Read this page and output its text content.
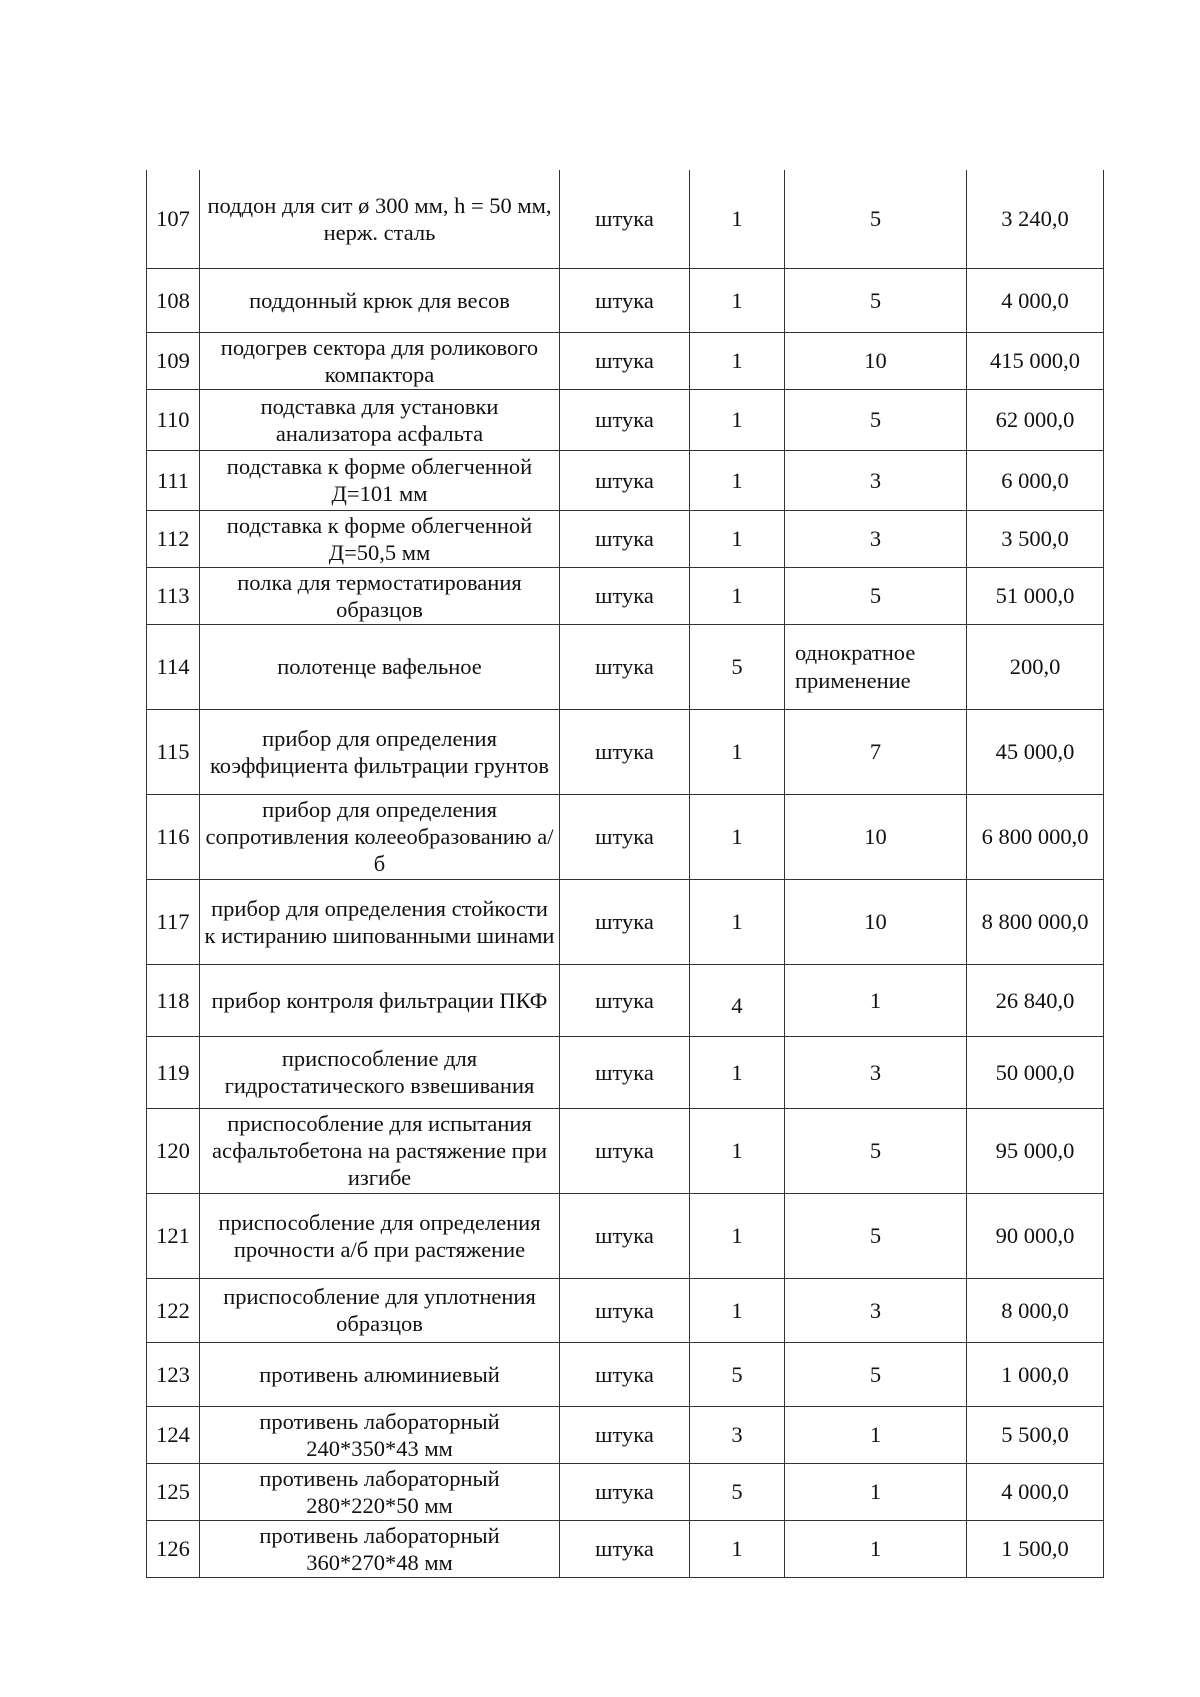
107	поддон для сит ø 300 мм, h = 50 мм, нерж. сталь	штука	1	5	3 240,0
108	поддонный крюк для весов	штука	1	5	4 000,0
109	подогрев сектора для роликового компактора	штука	1	10	415 000,0
110	подставка для установки анализатора асфальта	штука	1	5	62 000,0
111	подставка к форме облегченной Д=101 мм	штука	1	3	6 000,0
112	подставка к форме облегченной Д=50,5 мм	штука	1	3	3 500,0
113	полка для термостатирования образцов	штука	1	5	51 000,0
114	полотенце вафельное	штука	5	однократное применение	200,0
115	прибор для определения коэффициента фильтрации грунтов	штука	1	7	45 000,0
116	прибор для определения сопротивления колееобразованию а/б	штука	1	10	6 800 000,0
117	прибор для определения стойкости к истиранию шипованными шинами	штука	1	10	8 800 000,0
118	прибор контроля фильтрации ПКФ	штука	4	1	26 840,0
119	приспособление для гидростатического взвешивания	штука	1	3	50 000,0
120	приспособление для испытания асфальтобетона на растяжение при изгибе	штука	1	5	95 000,0
121	приспособление для определения прочности а/б при растяжение	штука	1	5	90 000,0
122	приспособление для уплотнения образцов	штука	1	3	8 000,0
123	противень алюминиевый	штука	5	5	1 000,0
124	противень лабораторный 240*350*43 мм	штука	3	1	5 500,0
125	противень лабораторный 280*220*50 мм	штука	5	1	4 000,0
126	противень лабораторный 360*270*48 мм	штука	1	1	1 500,0
